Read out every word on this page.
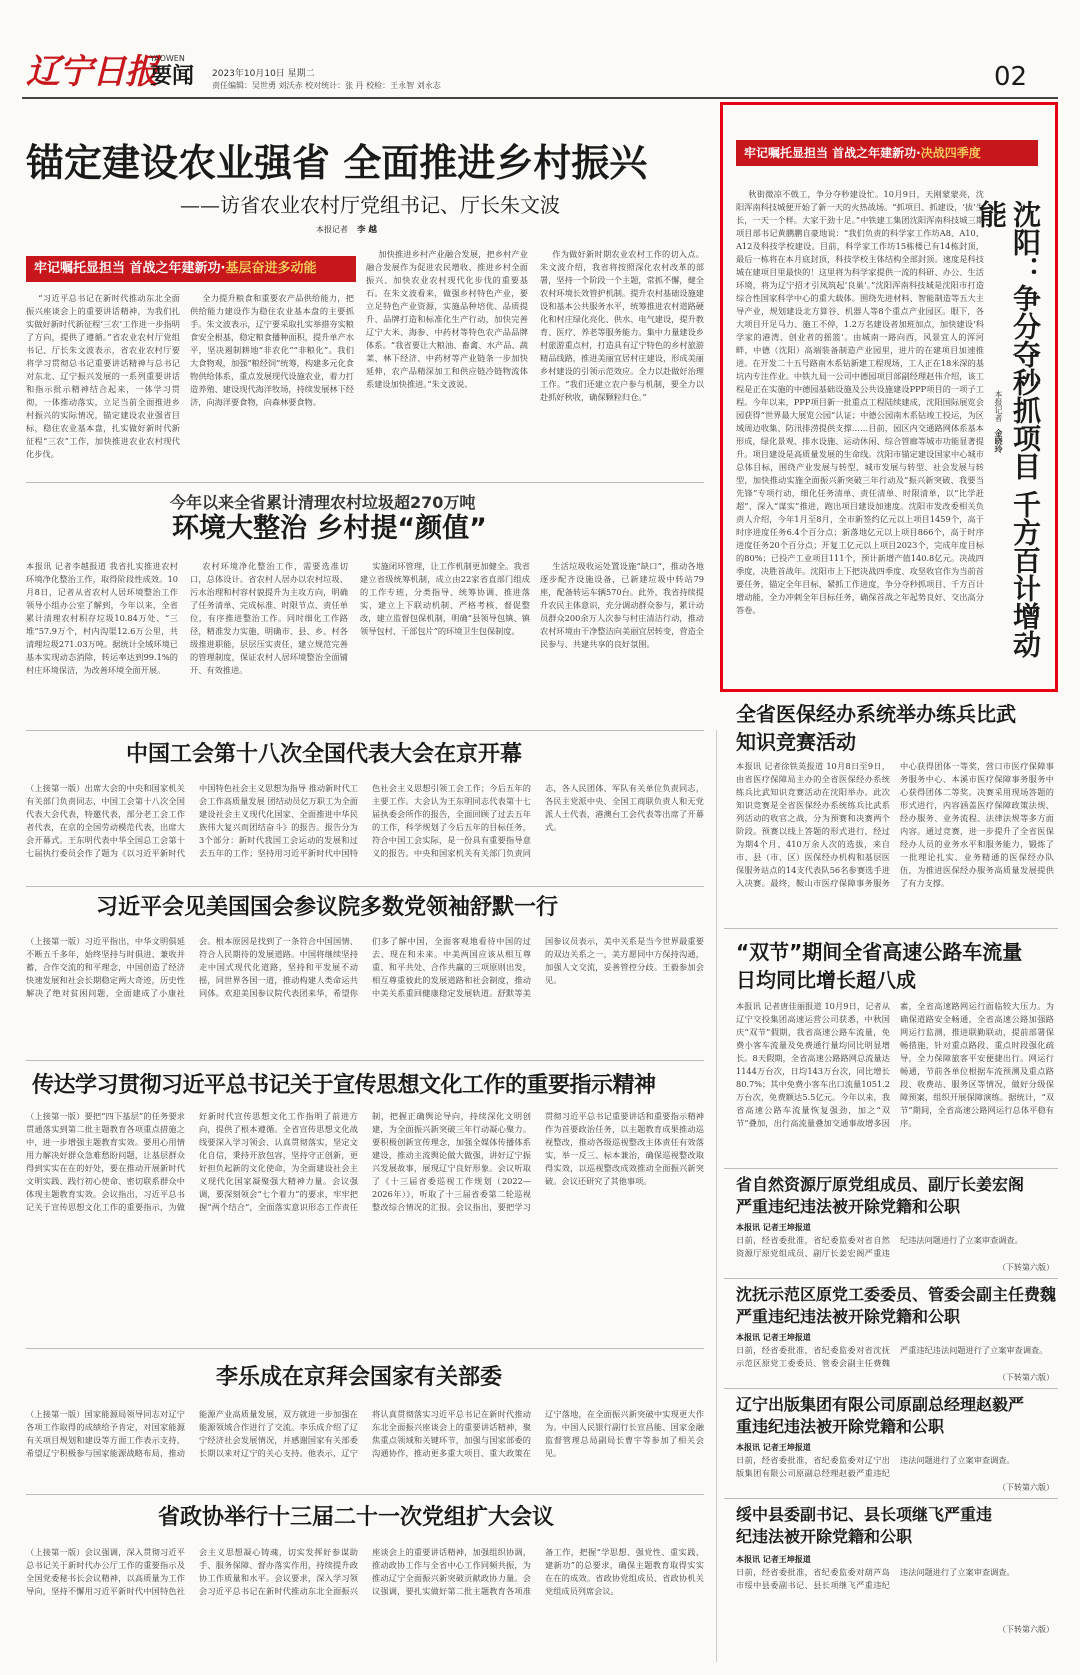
辽宁日报
YAOWEN
要闻 2023年10月10日 星期二
责任编辑：吴世勇 刘沃赤 校对统计：张 丹 校检：王永智 刘永志	02
锚定建设农业强省 全面推进乡村振兴
——访省农业农村厅党组书记、厅长朱文波
本报记者 李 越
牢记嘱托显担当 首战之年建新功·基层奋进多动能
“习近平总书记在新时代推动东北全面振兴座谈会上的重要讲话精神，为我们扎实做好新时代新征程‘三农’工作进一步指明了方向，提供了遵循。”省农业农村厅党组书记、厅长朱文波表示，省农业农村厅要将学习贯彻总书记重要讲话精神与总书记对东北、辽宁振兴发展的一系列重要讲话和指示批示精神结合起来，一体学习贯彻，一体推动落实，立足当前全面推进乡村振兴的实际情况，锚定建设农业强省目标，稳住农业基本盘，扎实做好新时代新征程“三农”工作，加快推进农业农村现代化步伐。
全力提升粮食和重要农产品供给能力，把供给能力建设作为稳住农业基本盘的主要抓手。朱文波表示，辽宁要采取扎实举措夯实粮食安全根基，稳定粮食播种面积，提升单产水平，坚决遏制耕地“非农化”“非粮化”。我们大食物观，加强“粮经饲”统筹，构建多元化食物供给体系，重点发展现代设施农业，着力打造养殖、建设现代海洋牧场，持续发展林下经济，向海洋要食物，向森林要食物。
加快推进乡村产业融合发展，把乡村产业融合发展作为促进农民增收、推进乡村全面振兴、加快农业农村现代化步伐的重要基石。在朱文波看来，做强乡村特色产业，要立足特色产业资源，实施品种培优、品质提升、品牌打造和标准化生产行动，加快完善辽宁大米、海参、中药材等特色农产品品牌体系。“我省要让大粮油、畜禽、水产品、蔬菜、林下经济、中药材等产业链条一步加快延伸，农产品精深加工和供应链冷链物流体系建设加快推进。”朱文波说。
作为做好新时期农业农村工作的切入点。朱文波介绍，我省将按照深化农村改革的部署，坚持一个阶段一个主题，常抓不懈，健全农村环境长效管护机制。提升农村基础设施建设和基本公共服务水平，统筹推进农村道路硬化和村庄绿化亮化、供水、电气建设，提升教育、医疗、养老等服务能力。集中力量建设乡村旅游重点村，打造具有辽宁特色的乡村旅游精品线路，推进美丽宜居村庄建设，形成美丽乡村建设的引领示范效应。全力以赴做好治理工作。“我们还建立农户参与机制，要全力以赴抓好秋收，确保颗粒归仓。”
今年以来全省累计清理农村垃圾超270万吨
环境大整治 乡村提“颜值”
本报讯 记者李越报道 我省扎实推进农村环境净化整治工作，取得阶段性成效。10月8日，记者从省农村人居环境整治工作领导小组办公室了解到，今年以来，全省累计清理农村积存垃圾10.84万处、“三堆”57.9万个，村内沟渠12.6万公里，共清理垃圾271.03万吨。据统计全域环境已基本实现动态消除，转运率达到99.1%的村庄环境保洁，为改善环境全面开展。
农村环境净化整治工作，需要选准切口，总体设计。省农村人居办以农村垃圾、污水治理和村容村貌提升为主攻方向，明确了任务清单、完成标准、时限节点、责任单位，有序推进整治工作。同时细化工作路径，精准发力实施，明确市、县、乡、村各级推进职能，层层压实责任，建立规范完善的管理制度，保证农村人居环境整治全面铺开、有效推进。
实施闭环管理，让工作机制更加健全。我省建立省级统筹机制，成立由22家省直部门组成的工作专班，分类指导、统筹协调、推进落实，建立上下联动机制、严格考核、督促整改，建立监督包保机制，明确“县领导包镇、镇领导包村、干部包片”的环境卫生包保制度。
生活垃圾收运处置设施“缺口”，推动各地逐步配齐设施设备，已新建垃圾中转站79座，配备转运车辆570台。此外，我省持续提升农民主体意识，充分调动群众参与，累计动员群众200余万人次参与村庄清洁行动，推动农村环境由干净整洁向美丽宜居转变，营造全民参与、共建共享的良好氛围。
中国工会第十八次全国代表大会在京开幕
（上接第一版）出席大会的中央和国家机关有关部门负责同志，中国工会第十八次全国代表大会代表，特邀代表，部分老工会工作者代表，在京的全国劳动模范代表，出席大会开幕式。王东明代表中华全国总工会第十七届执行委员会作了题为《以习近平新时代中国特色社会主义思想为指导 推动新时代工会工作高质量发展 团结动员亿万职工为全面建设社会主义现代化国家、全面推进中华民族伟大复兴而团结奋斗》的报告。报告分为3个部分：新时代我国工会运动的发展和过去五年的工作；坚持用习近平新时代中国特色社会主义思想引领工会工作；今后五年的主要工作。大会认为王东明同志代表第十七届执委会所作的报告，全面回顾了过去五年的工作，科学规划了今后五年的目标任务，符合中国工会实际，是一份具有重要指导意义的报告。中央和国家机关有关部门负责同志，各人民团体、军队有关单位负责同志，各民主党派中央、全国工商联负责人和无党派人士代表，港澳台工会代表等出席了开幕式。
习近平会见美国国会参议院多数党领袖舒默一行
（上接第一版）习近平指出，中华文明俱延不断五千多年，始终坚持与时俱进、兼收并蓄，合作交流的和平理念，中国创造了经济快速发展和社会长期稳定两大奇迹，历史性解决了绝对贫困问题，全面建成了小康社会。根本原因是找到了一条符合中国国情、符合人民期待的发展道路。中国将继续坚持走中国式现代化道路，坚持和平发展不动摇，同世界各国一道，推动构建人类命运共同体。欢迎美国参议院代表团来华，希望你们多了解中国，全面客观地看待中国的过去、现在和未来。中美两国应该从相互尊重、和平共处、合作共赢的三项原则出发，相互尊重彼此的发展道路和社会制度，推动中美关系重回健康稳定发展轨道。舒默等美国参议员表示，美中关系是当今世界最重要的双边关系之一，美方愿同中方保持沟通，加强人文交流，妥善管控分歧。王毅参加会见。
传达学习贯彻习近平总书记关于宣传思想文化工作的重要指示精神
（上接第一版）要把“四下基层”的任务要求贯通落实到第二批主题教育各项重点措施之中，进一步增强主题教育实效。要用心用情用力解决好群众急难愁盼问题，让基层群众得到实实在在的好处，要在推动开展新时代文明实践、践行初心使命、密切联系群众中体现主题教育实效。会议指出，习近平总书记关于宣传思想文化工作的重要指示，为做好新时代宣传思想文化工作指明了前进方向，提供了根本遵循。全省宣传思想文化战线要深入学习领会、认真贯彻落实，坚定文化自信，秉持开放包容，坚持守正创新，更好担负起新的文化使命，为全面建设社会主义现代化国家凝聚强大精神力量。会议强调，要深刻领会“七个着力”的要求，牢牢把握“两个结合”，全面落实意识形态工作责任制，把握正确舆论导向，持续深化文明创建，为全面振兴新突破三年行动凝心聚力。要积极创新宣传理念，加强全媒体传播体系建设，推动主流舆论做大做强，讲好辽宁振兴发展故事，展现辽宁良好形象。会议听取了《十三届省委巡视工作规划（2022—2026年）》，听取了十三届省委第二轮巡视整改综合情况的汇报。会议指出，要把学习贯彻习近平总书记重要讲话和重要指示精神作为首要政治任务，以主题教育成果推动巡视整改，推动各级巡视整改主体责任有效落实，举一反三、标本兼治，确保巡视整改取得实效，以巡视整改成效推动全面振兴新突破。会议还研究了其他事项。
李乐成在京拜会国家有关部委
（上接第一版）国家能源局领导同志对辽宁各项工作取得的成绩给予肯定，对国家能源有关项目规划和建设等方面工作表示支持，希望辽宁积极参与国家能源战略布局，推动能源产业高质量发展，双方就进一步加强在能源领域合作进行了交流。李乐成介绍了辽宁经济社会发展情况，并感谢国家有关部委长期以来对辽宁的关心支持。他表示，辽宁将认真贯彻落实习近平总书记在新时代推动东北全面振兴座谈会上的重要讲话精神，聚焦重点领域和关键环节，加强与国家部委的沟通协作，推动更多重大项目、重大政策在辽宁落地，在全面振兴新突破中实现更大作为。中国人民银行副行长宣昌能、国家金融监督管理总局副局长曹宇等参加了相关会见。
省政协举行十三届二十一次党组扩大会议
（上接第一版）会议强调，深入贯彻习近平总书记关于新时代办公厅工作的重要指示及全国党委秘书长会议精神，以高质量为工作导向，坚持不懈用习近平新时代中国特色社会主义思想凝心铸魂，切实发挥好参谋助手、服务保障、督办落实作用，持续提升政协工作质量和水平。会议要求，深入学习领会习近平总书记在新时代推动东北全面振兴座谈会上的重要讲话精神，加强组织协调，推动政协工作与全省中心工作同频共振，为推动辽宁全面振兴新突破贡献政协力量。会议强调，要扎实做好第二批主题教育各项准备工作，把握“学思想、强党性、重实践、建新功”的总要求，确保主题教育取得实实在在的成效。省政协党组成员、省政协机关党组成员列席会议。
牢记嘱托显担当 首战之年建新功·决战四季度
秋街微凉不戟工，争分夺秒建设忙。10月9日，天刚蒙蒙亮，沈阳浑南科技城便开始了新一天的火热战场。“抓项目、抓建设，‘拔’生长，一天一个样。大家干劲十足。”中铁建工集团沈阳浑南科技城三期项目部书记黄鹏鹏自豪地说：“我们负责的科学家工作坊A8、A10、A12及科技学校建设。目前，科学家工作坊15栋楼已有14栋封顶，最后一栋将在本月底封顶，科技学校主体结构全部封顶。速度是科技城在建项目里最快的！这里将为科学家提供一流的科研、办公、生活环境，将为辽宁招才引凤筑起‘良巢’。”沈阳浑南科技城是沈阳市打造综合性国家科学中心的重大载体。围绕先进材料、智能制造等五大主导产业，规划建设北方算谷、机器人等8个重点产业园区。眼下，各大项目开足马力、施工不停，1.2万名建设者加班加点，加快建设‘科学家的港湾、创业者的摇篮’。由城南一路向西，风景宜人的浑河畔，中德（沈阳）高端装备制造产业园里，进片的在建项目加速推进。在开发二十五号路南木系钻新建工程现场，工人正在18米深的基坑内专注作业。中铁九局一公司中德园项目部副经理赵伟介绍，该工程是正在实施的中德园基础设施及公共设施建设PPP项目的一项子工程。今年以来，PPP项目新一批重点工程陆续建成，沈阳国际展览会园获得“世界最大展览公园”认证；中德公园南木系钻竣工投运，为区域周边收集、防汛排涝提供支撑……目前，园区内交通路网体系基本形成，绿化景观、排水设施、运动休闲、综合管廊等城市功能显著提升。项目建设是高质量发展的生命线。沈阳市锚定建设国家中心城市总体目标，围绕产业发展与转型、城市发展与转型、社会发展与转型，加快推动实施全面振兴新突破三年行动及“振兴新突破、我要当先锋”专项行动，细化任务清单、责任清单、时限清单，以“比学赶超”、深入“谋实”推进，跑出项目建设加速度。沈阳市发改委相关负责人介绍，今年1月至8月，全市新签约亿元以上项目1459个，高于时序进度任务6.4个百分点；新落地亿元以上项目866个，高于时序进度任务20个百分点；开复工亿元以上项目2023个，完成年度目标的80%；已投产工业项目111个，预计新增产值140.8亿元。决战四季度，决胜首战年。沈阳市上下把决战四季度、攻坚收官作为当前首要任务，锚定全年目标，紧抓工作进度，争分夺秒抓项目、千方百计增动能，全力冲刺全年目标任务，确保首战之年起势良好、交出高分答卷。	沈阳：争分夺秒抓项目 千方百计增动能
本报记者 金晓玲
全省医保经办系统举办练兵比武知识竞赛活动
本报讯 记者徐铁英报道 10月8日至9日，由省医疗保障局主办的全省医保经办系统练兵比武知识竞赛活动在沈阳举办。此次知识竞赛是全省医保经办系统练兵比武系列活动的收官之战，分为预赛和决赛两个阶段。预赛以线上答题的形式进行，经过为期4个月、410万余人次的选拔，来自市、县（市、区）医保经办机构和基层医保服务站点的14支代表队56名参赛选手进入决赛。最终，鞍山市医疗保障事务服务中心获得团体一等奖，营口市医疗保障事务服务中心、本溪市医疗保障事务服务中心获得团体二等奖。决赛采用现场答题的形式进行，内容涵盖医疗保障政策法规、经办服务、业务流程、法律法规等多方面内容。通过竞赛，进一步提升了全省医保经办人员的业务水平和服务能力，锻炼了一批理论扎实、业务精通的医保经办队伍，为推进医保经办服务高质量发展提供了有力支撑。
“双节”期间全省高速公路车流量日均同比增长超八成
本报讯 记者唐佳丽报道 10月9日，记者从辽宁交投集团高速运营公司获悉，中秋国庆“双节”假期，我省高速公路车流量，免费小客车流量及免费通行量均同比明显增长。8天假期，全省高速公路路网总流量达1144万台次，日均143万台次，同比增长80.7%；其中免费小客车出口流量1051.2万台次，免费额达5.5亿元。今年以来，我省高速公路车流量恢复强劲，加之“双节”叠加，出行高流量叠加交通事故增多因素，全省高速路网运行面临较大压力。为确保道路安全畅通，全省高速公路加强路网运行监测，推进联勤联动，提前部署保畅措施，针对重点路段、重点时段强化疏导，全力保障旅客平安便捷出行。网运行畅通，节前各单位根据车流预测及重点路段、收费站、服务区等情况，做好分级保障预案，组织开展保障演练。据统计，“双节”期间，全省高速公路网运行总体平稳有序。
省自然资源厅原党组成员、副厅长姜宏阁严重违纪违法被开除党籍和公职
本报讯 记者王坤报道
日前，经省委批准，省纪委监委对省自然资源厅原党组成员、副厅长姜宏阁严重违纪违法问题进行了立案审查调查。
（下转第六版）
沈抚示范区原党工委委员、管委会副主任费魏严重违纪违法被开除党籍和公职
本报讯 记者王坤报道
日前，经省委批准，省纪委监委对省沈抚示范区原党工委委员、管委会副主任费魏严重违纪违法问题进行了立案审查调查。
（下转第六版）
辽宁出版集团有限公司原副总经理赵毅严重违纪违法被开除党籍和公职
本报讯 记者王坤报道
日前，经省委批准，省纪委监委对辽宁出版集团有限公司原副总经理赵毅严重违纪违法问题进行了立案审查调查。
（下转第六版）
绥中县委副书记、县长项继飞严重违纪违法被开除党籍和公职
本报讯 记者王坤报道
日前，经省委批准，省纪委监委对葫芦岛市绥中县委副书记、县长项继飞严重违纪违法问题进行了立案审查调查。
（下转第六版）
